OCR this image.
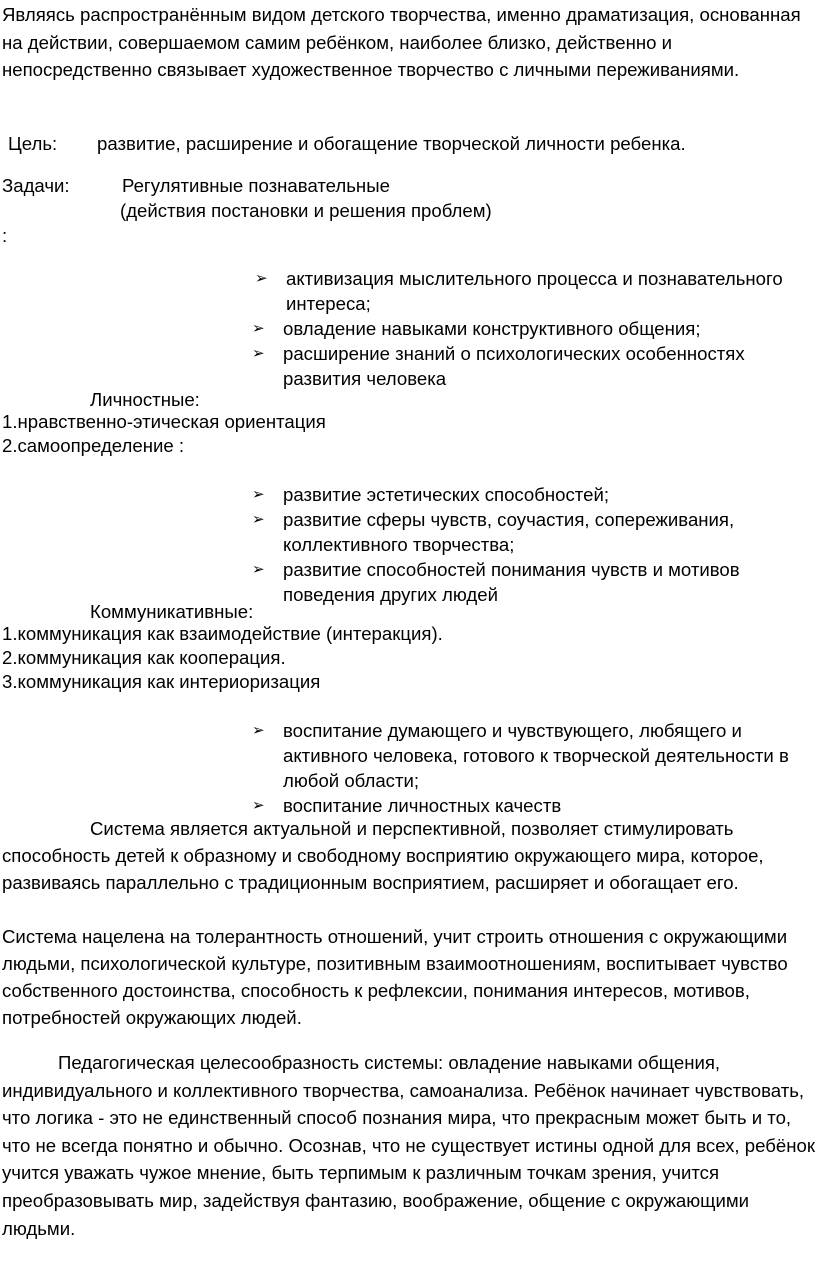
Являясь распространённым видом детского творчества, именно драматизация, основанная на действии, совершаемом самим ребёнком, наиболее близко, действенно и непосредственно связывает художественное творчество с личными переживаниями.

Цель: развитие, расширение и обогащение творческой личности ребенка.

Задачи:	Регулятивные познавательные
(действия постановки и решения проблем)
:
➢ активизация мыслительного процесса и познавательного интереса;
➢ овладение навыками конструктивного общения;
➢ расширение знаний о психологических особенностях развития человека
Личностные:
1.нравственно-этическая ориентация
2.самоопределение :
➢ развитие эстетических способностей;
➢ развитие сферы чувств, соучастия, сопереживания, коллективного творчества;
➢ развитие способностей понимания чувств и мотивов поведения других людей
Коммуникативные:
1.коммуникация как взаимодействие (интеракция).
2.коммуникация как кооперация.
3.коммуникация как интериоризация
➢ воспитание думающего и чувствующего, любящего и активного человека, готового к творческой деятельности в любой области;
➢ воспитание личностных качеств

Система является актуальной и перспективной, позволяет стимулировать способность детей к образному и свободному восприятию окружающего мира, которое, развиваясь параллельно с традиционным восприятием, расширяет и обогащает его.

Система нацелена на толерантность отношений, учит строить отношения с окружающими людьми, психологической культуре, позитивным взаимоотношениям, воспитывает чувство собственного достоинства, способность к рефлексии, понимания интересов, мотивов, потребностей окружающих людей.

Педагогическая целесообразность системы: овладение навыками общения, индивидуального и коллективного творчества, самоанализа. Ребёнок начинает чувствовать, что логика - это не единственный способ познания мира, что прекрасным может быть и то, что не всегда понятно и обычно. Осознав, что не существует истины одной для всех, ребёнок учится уважать чужое мнение, быть терпимым к различным точкам зрения, учится преобразовывать мир, задействуя фантазию, воображение, общение с окружающими людьми.
